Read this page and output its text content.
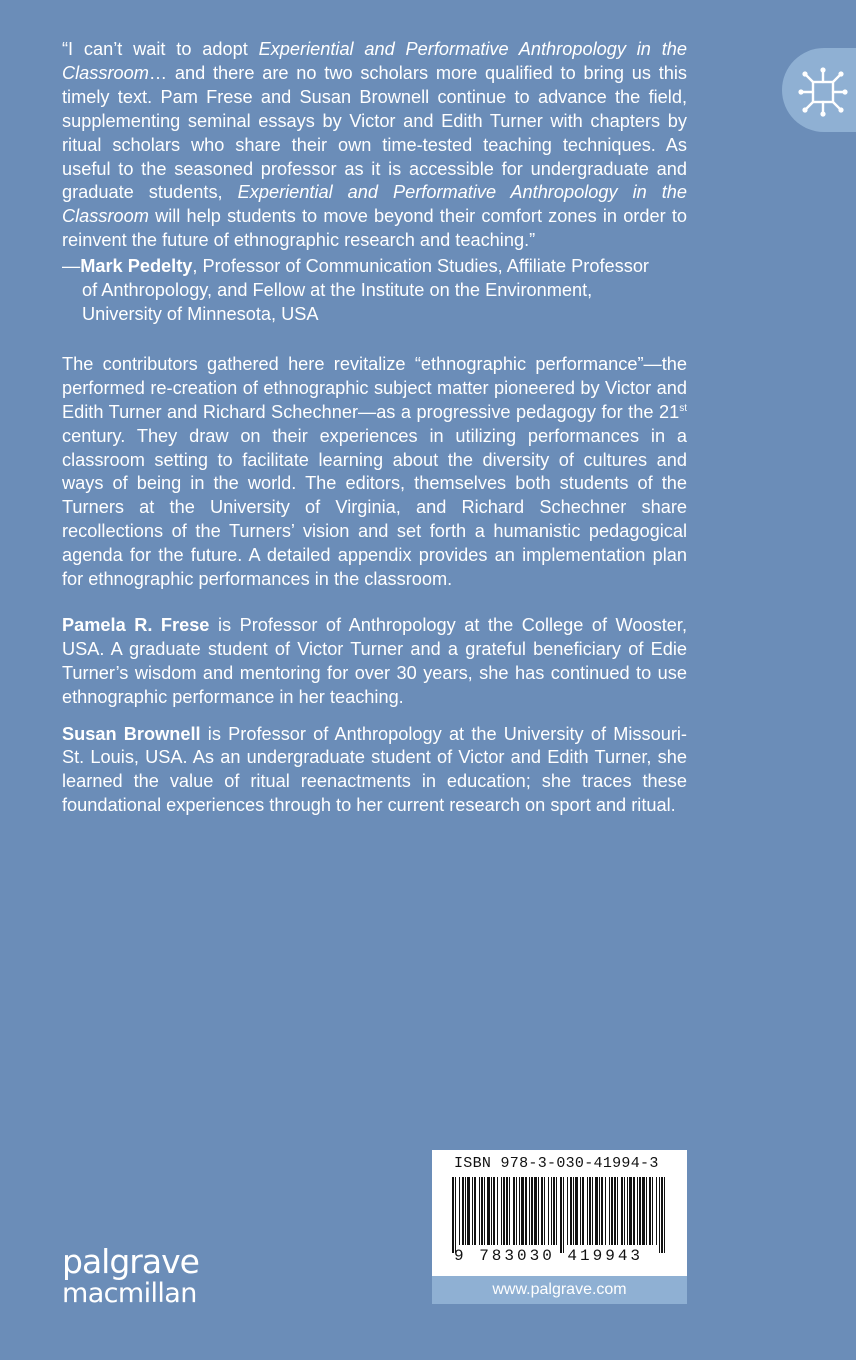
“I can’t wait to adopt Experiential and Performative Anthropology in the Classroom… and there are no two scholars more qualified to bring us this timely text. Pam Frese and Susan Brownell continue to advance the field, supplementing seminal essays by Victor and Edith Turner with chapters by ritual scholars who share their own time-tested teaching techniques. As useful to the seasoned professor as it is accessible for undergraduate and graduate students, Experiential and Performative Anthropology in the Classroom will help students to move beyond their comfort zones in order to reinvent the future of ethnographic research and teaching.”

—Mark Pedelty, Professor of Communication Studies, Affiliate Professor
of Anthropology, and Fellow at the Institute on the Environment,
University of Minnesota, USA

The contributors gathered here revitalize “ethnographic performance”—the performed re-creation of ethnographic subject matter pioneered by Victor and Edith Turner and Richard Schechner—as a progressive pedagogy for the 21st century. They draw on their experiences in utilizing performances in a classroom setting to facilitate learning about the diversity of cultures and ways of being in the world. The editors, themselves both students of the Turners at the University of Virginia, and Richard Schechner share recollections of the Turners’ vision and set forth a humanistic pedagogical agenda for the future. A detailed appendix provides an implementation plan for ethnographic performances in the classroom.

Pamela R. Frese is Professor of Anthropology at the College of Wooster, USA. A graduate student of Victor Turner and a grateful beneficiary of Edie Turner’s wisdom and mentoring for over 30 years, she has continued to use ethnographic performance in her teaching.

Susan Brownell is Professor of Anthropology at the University of Missouri-St. Louis, USA. As an undergraduate student of Victor and Edith Turner, she learned the value of ritual reenactments in education; she traces these foundational experiences through to her current research on sport and ritual.

ISBN 978-3-030-41994-3
9 783030 419943
www.palgrave.com
palgrave
macmillan
